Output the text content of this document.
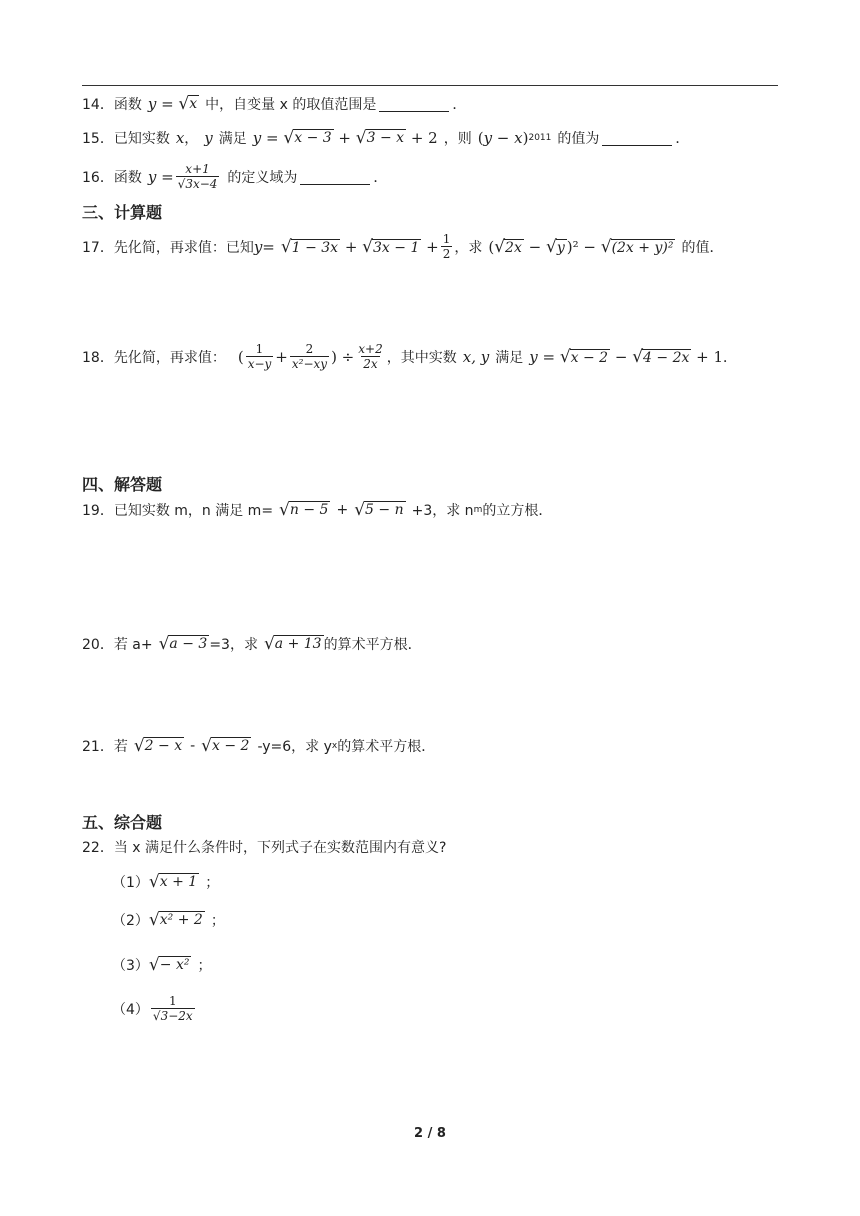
14．函数 y = √ x 中，自变量 x 的取值范围是	．
15．已知实数 x ， y 满足 y = √ x − 3 + √ 3 − x + 2 ，则 ( y − x ) 2011 的值为	．
16．函数 $y = \frac{x+1}{√3x-4}$ 的定义域为	．
三、计算题
17．先化简，再求值：已知 y= √ 1 − 3x + √ $3x - 1 + \frac{1}{2}$ ，求 ( √ 2x − √ y )² − √ (2x + y)² 的值．
18．先化简，再求值： ( $\frac{1}{x-y} + \frac{2}{\text{x²−xy}}$ ) ÷ $\frac{x+2}{2x}$ ，其中实数 x, y 满足 y = √ x − 2 − √ 4 − 2x + 1 ．
四、解答题
19．已知实数 m，n 满足 m= √ n − 5 + √ 5 − n +3，求 n m 的立方根．
20．若 a+ √ a − 3 =3，求 √ a + 13 的算术平方根．
21．若 √ 2 − x - √ x − 2 -y=6，求 y x 的算术平方根．
五、综合题
22．当 x 满足什么条件时，下列式子在实数范围内有意义?
（1） √ x + 1 ；
（2） √ x² + 2 ；
（3） √ − x² ；
$(4) \frac{1}{√3-2x}$
2 / 8
